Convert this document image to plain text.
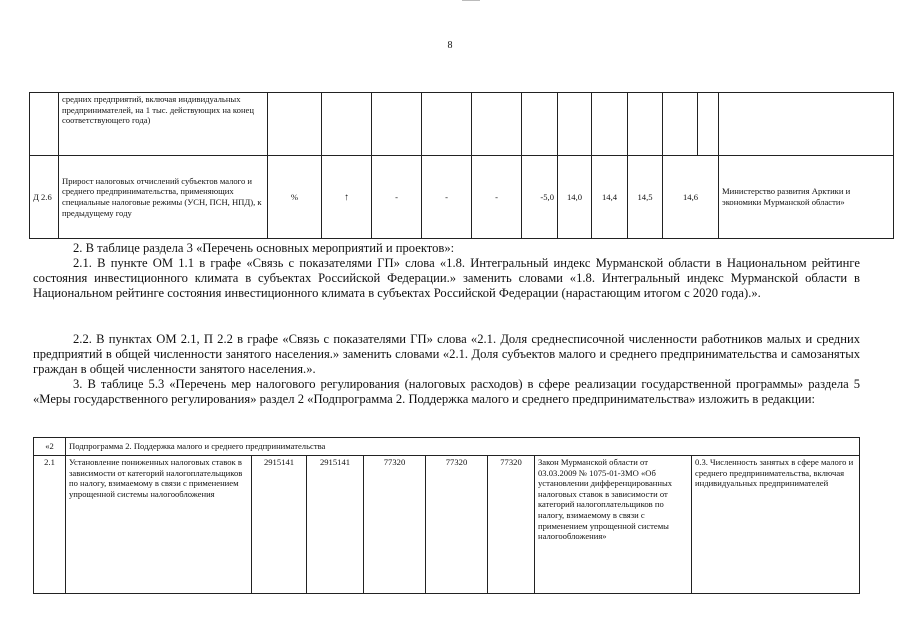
8
	средних предприятий, включая индивидуальных предпринимателей, на 1 тыс. действующих на конец соответствующего года)												
Д 2.6	Прирост налоговых отчислений субъектов малого и среднего предпринимательства, применяющих специальные налоговые режимы (УСН, ПСН, НПД), к предыдущему году	%	↑	-	-	-	-5,0	14,0	14,4	14,5	14,6		Министерство развития Арктики и экономики Мурманской области»

2. В таблице раздела 3 «Перечень основных мероприятий и проектов»:

2.1. В пункте ОМ 1.1 в графе «Связь с показателями ГП» слова «1.8. Интегральный индекс Мурманской области в Национальном рейтинге состояния инвестиционного климата в субъектах Российской Федерации.» заменить словами «1.8. Интегральный индекс Мурманской области в Национальном рейтинге состояния инвестиционного климата в субъектах Российской Федерации (нарастающим итогом с 2020 года).».

2.2. В пунктах ОМ 2.1, П 2.2 в графе «Связь с показателями ГП» слова «2.1. Доля среднесписочной численности работников малых и средних предприятий в общей численности занятого населения.» заменить словами «2.1. Доля субъектов малого и среднего предпринимательства и самозанятых граждан в общей численности занятого населения.».

3. В таблице 5.3 «Перечень мер налогового регулирования (налоговых расходов) в сфере реализации государственной программы» раздела 5 «Меры государственного регулирования» раздел 2 «Подпрограмма 2. Поддержка малого и среднего предпринимательства» изложить в редакции:

«2	Подпрограмма 2. Поддержка малого и среднего предпринимательства							
2.1	Установление пониженных налоговых ставок в зависимости от категорий налогоплательщиков по налогу, взимаемому в связи с применением упрощенной системы налогообложения	2915141	2915141	77320	77320	77320	Закон Мурманской области от 03.03.2009 № 1075-01-ЗМО «Об установлении дифференцированных налоговых ставок в зависимости от категорий налогоплательщиков по налогу, взимаемому в связи с применением упрощенной системы налогообложения»	0.3. Численность занятых в сфере малого и среднего предпринимательства, включая индивидуальных предпринимателей
